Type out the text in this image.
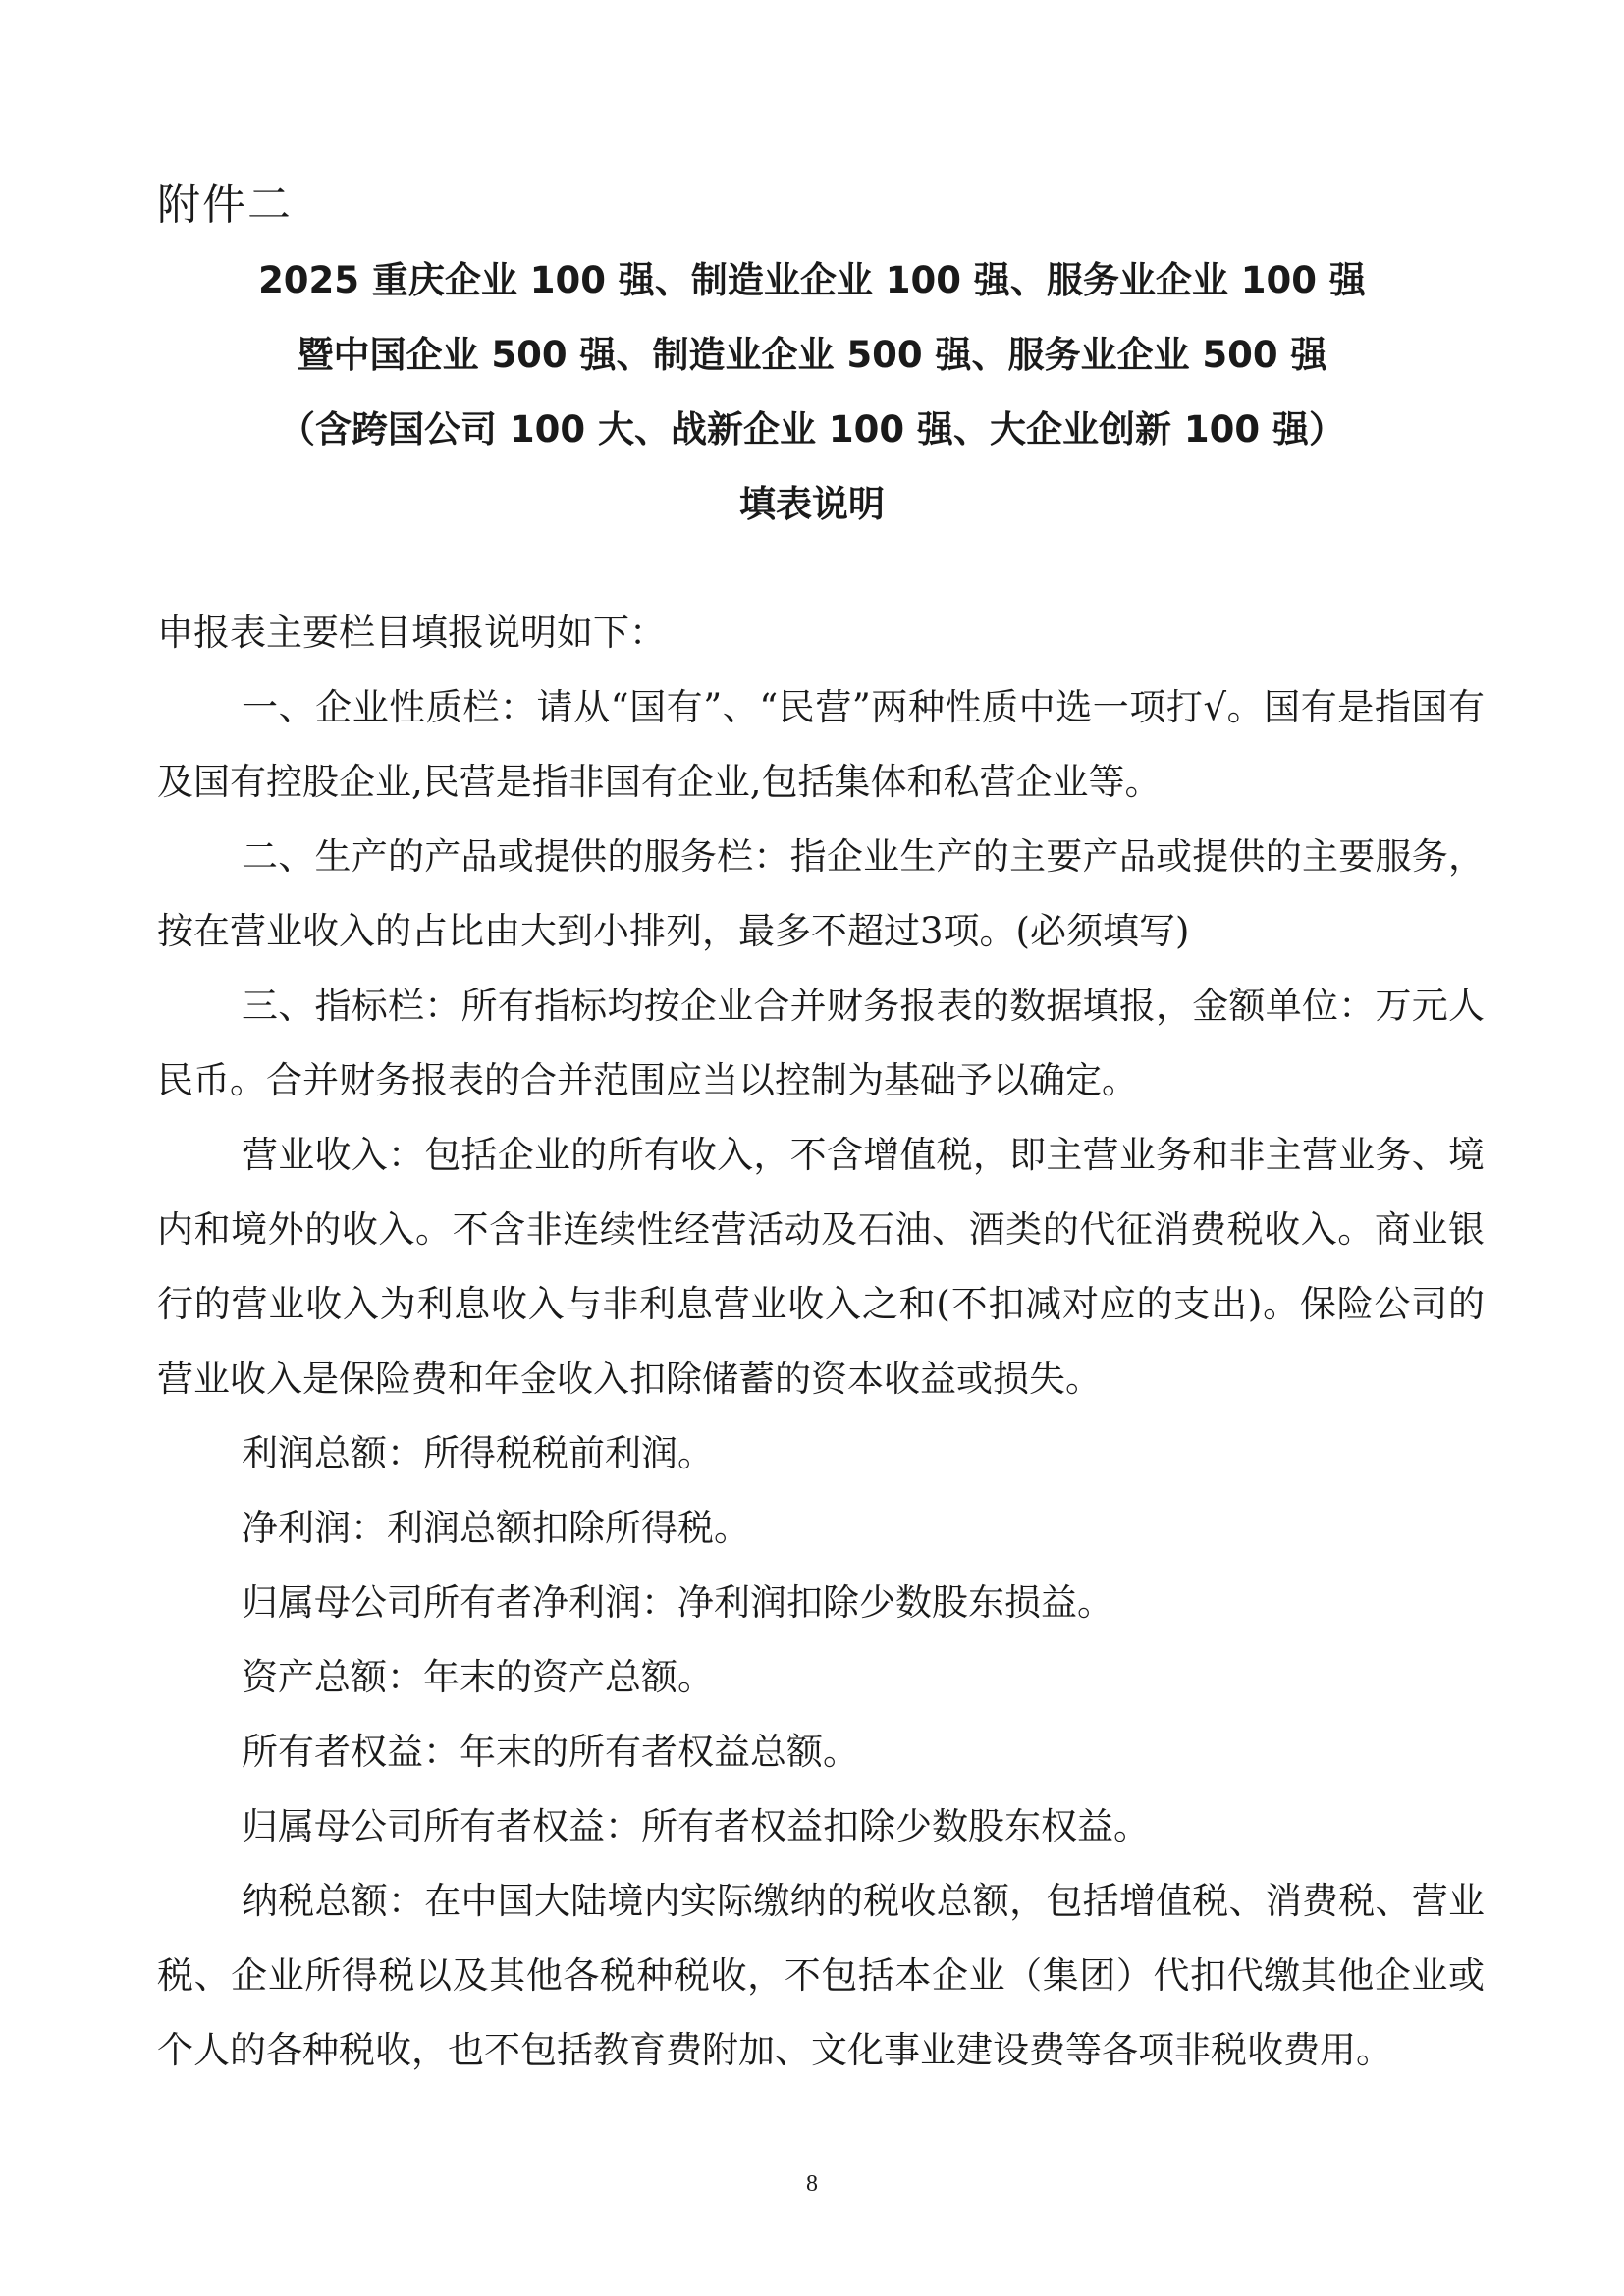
附件二
2025 重庆企业 100 强、制造业企业 100 强、服务业企业 100 强
暨中国企业 500 强、制造业企业 500 强、服务业企业 500 强
（含跨国公司 100 大、战新企业 100 强、大企业创新 100 强）
填表说明

申报表主要栏目填报说明如下：

一、企业性质栏：请从“国有”、“民营”两种性质中选一项打√。国有是指国有及国有控股企业,民营是指非国有企业,包括集体和私营企业等。

二、生产的产品或提供的服务栏：指企业生产的主要产品或提供的主要服务，按在营业收入的占比由大到小排列，最多不超过3项。(必须填写)

三、指标栏：所有指标均按企业合并财务报表的数据填报，金额单位：万元人民币。合并财务报表的合并范围应当以控制为基础予以确定。

营业收入：包括企业的所有收入，不含增值税，即主营业务和非主营业务、境内和境外的收入。不含非连续性经营活动及石油、酒类的代征消费税收入。商业银行的营业收入为利息收入与非利息营业收入之和(不扣减对应的支出)。保险公司的营业收入是保险费和年金收入扣除储蓄的资本收益或损失。

利润总额：所得税税前利润。

净利润：利润总额扣除所得税。

归属母公司所有者净利润：净利润扣除少数股东损益。

资产总额：年末的资产总额。

所有者权益：年末的所有者权益总额。

归属母公司所有者权益：所有者权益扣除少数股东权益。

纳税总额：在中国大陆境内实际缴纳的税收总额，包括增值税、消费税、营业税、企业所得税以及其他各税种税收，不包括本企业（集团）代扣代缴其他企业或个人的各种税收，也不包括教育费附加、文化事业建设费等各项非税收费用。

8
